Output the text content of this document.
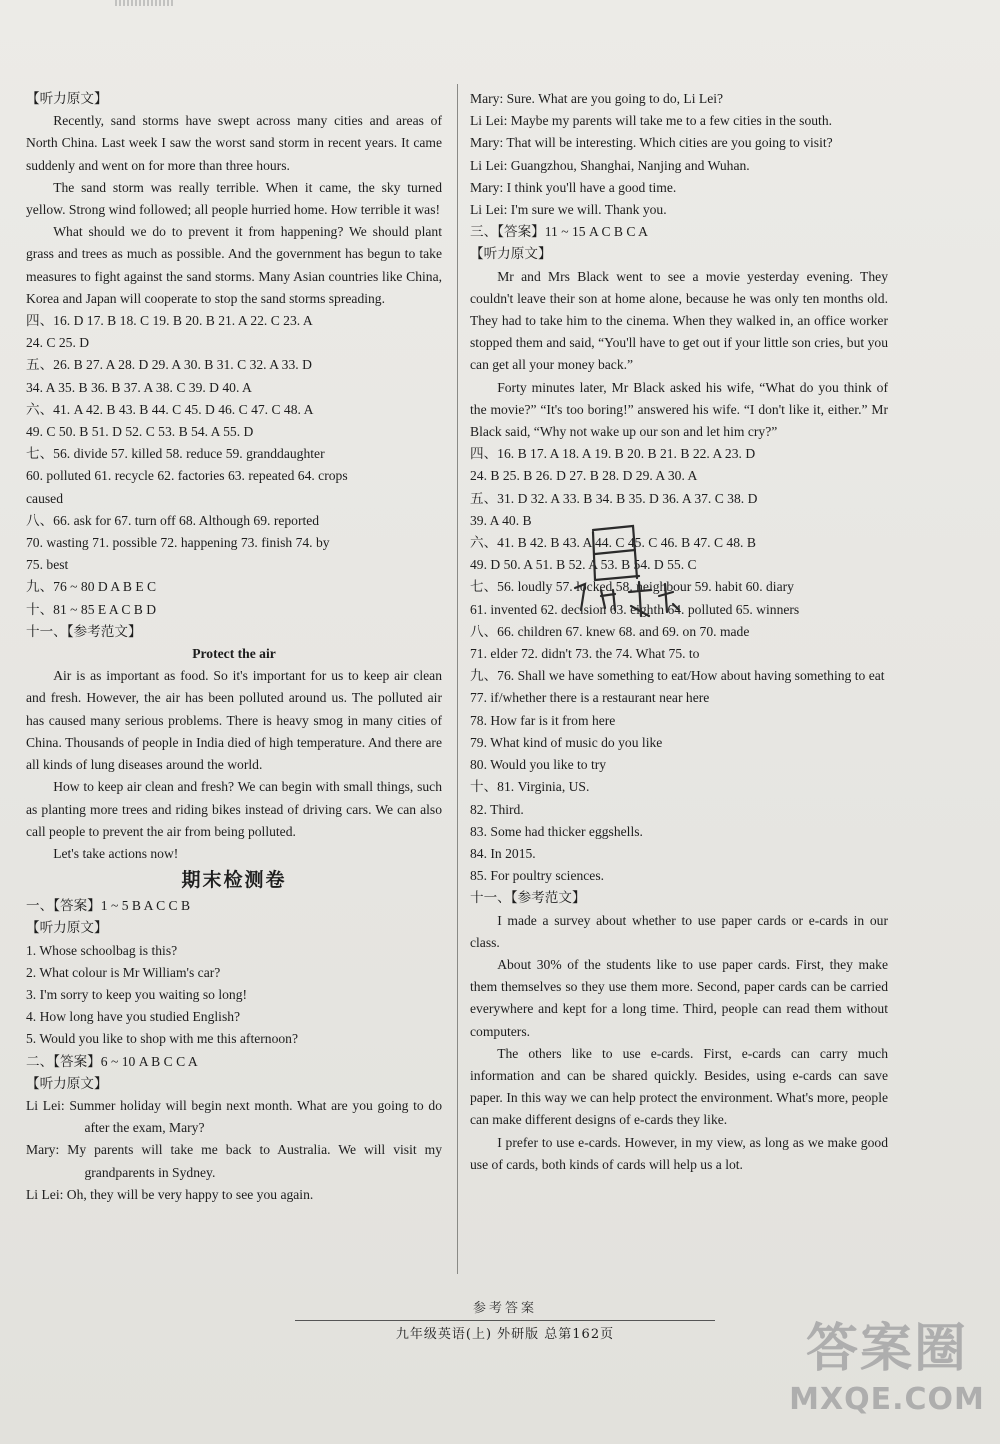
【听力原文】
Recently, sand storms have swept across many cities and areas of North China. Last week I saw the worst sand storm in recent years. It came suddenly and went on for more than three hours.
The sand storm was really terrible. When it came, the sky turned yellow. Strong wind followed; all people hurried home. How terrible it was!
What should we do to prevent it from happening? We should plant grass and trees as much as possible. And the government has begun to take measures to fight against the sand storms. Many Asian countries like China, Korea and Japan will cooperate to stop the sand storms spreading.
四、16. D 17. B 18. C 19. B 20. B 21. A 22. C 23. A
24. C 25. D
五、26. B 27. A 28. D 29. A 30. B 31. C 32. A 33. D
34. A 35. B 36. B 37. A 38. C 39. D 40. A
六、41. A 42. B 43. B 44. C 45. D 46. C 47. C 48. A
49. C 50. B 51. D 52. C 53. B 54. A 55. D
七、56. divide 57. killed 58. reduce 59. granddaughter
60. polluted 61. recycle 62. factories 63. repeated 64. crops
caused
八、66. ask for 67. turn off 68. Although 69. reported
70. wasting 71. possible 72. happening 73. finish 74. by
75. best
九、76 ~ 80 D A B E C
十、81 ~ 85 E A C B D
十一、【参考范文】
Protect the air
Air is as important as food. So it's important for us to keep air clean and fresh. However, the air has been polluted around us. The polluted air has caused many serious problems. There is heavy smog in many cities of China. Thousands of people in India died of high temperature. And there are all kinds of lung diseases around the world.
How to keep air clean and fresh? We can begin with small things, such as planting more trees and riding bikes instead of driving cars. We can also call people to prevent the air from being polluted.
Let's take actions now!
期末检测卷
一、【答案】1 ~ 5 B A C C B
【听力原文】
1. Whose schoolbag is this?
2. What colour is Mr William's car?
3. I'm sorry to keep you waiting so long!
4. How long have you studied English?
5. Would you like to shop with me this afternoon?
二、【答案】6 ~ 10 A B C C A
【听力原文】
Li Lei: Summer holiday will begin next month. What are you going to do after the exam, Mary?
Mary: My parents will take me back to Australia. We will visit my grandparents in Sydney.
Li Lei: Oh, they will be very happy to see you again.
Mary: Sure. What are you going to do, Li Lei?
Li Lei: Maybe my parents will take me to a few cities in the south.
Mary: That will be interesting. Which cities are you going to visit?
Li Lei: Guangzhou, Shanghai, Nanjing and Wuhan.
Mary: I think you'll have a good time.
Li Lei: I'm sure we will. Thank you.
三、【答案】11 ~ 15 A C B C A
【听力原文】
Mr and Mrs Black went to see a movie yesterday evening. They couldn't leave their son at home alone, because he was only ten months old. They had to take him to the cinema. When they walked in, an office worker stopped them and said, “You'll have to get out if your little son cries, but you can get all your money back.”
Forty minutes later, Mr Black asked his wife, “What do you think of the movie?” “It's too boring!” answered his wife. “I don't like it, either.” Mr Black said, “Why not wake up our son and let him cry?”
四、16. B 17. A 18. A 19. B 20. B 21. B 22. A 23. D
24. B 25. B 26. D 27. B 28. D 29. A 30. A
五、31. D 32. A 33. B 34. B 35. D 36. A 37. C 38. D
39. A 40. B
六、41. B 42. B 43. A 44. C 45. C 46. B 47. C 48. B
49. D 50. A 51. B 52. A 53. B 54. D 55. C
七、56. loudly 57. locked 58. neighbour 59. habit 60. diary
61. invented 62. decision 63. eighth 64. polluted 65. winners
八、66. children 67. knew 68. and 69. on 70. made
71. elder 72. didn't 73. the 74. What 75. to
九、76. Shall we have something to eat/How about having something to eat
77. if/whether there is a restaurant near here
78. How far is it from here
79. What kind of music do you like
80. Would you like to try
十、81. Virginia, US.
82. Third.
83. Some had thicker eggshells.
84. In 2015.
85. For poultry sciences.
十一、【参考范文】
I made a survey about whether to use paper cards or e-cards in our class.
About 30% of the students like to use paper cards. First, they make them themselves so they use them more. Second, paper cards can be carried everywhere and kept for a long time. Third, people can read them without computers.
The others like to use e-cards. First, e-cards can carry much information and can be shared quickly. Besides, using e-cards can save paper. In this way we can help protect the environment. What's more, people can make different designs of e-cards they like.
I prefer to use e-cards. However, in my view, as long as we make good use of cards, both kinds of cards will help us a lot.
参考答案
九年级英语(上) 外研版 总第162页	答案圈
MXQE.COM
